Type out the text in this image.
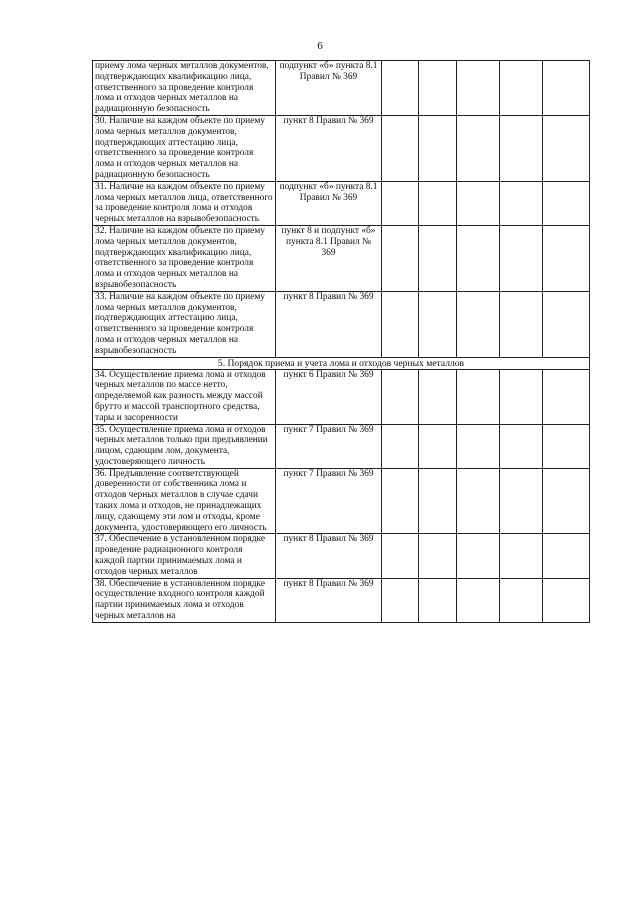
6
приему лома черных металлов документов, подтверждающих квалификацию лица, ответственного за проведение контроля лома и отходов черных металлов на радиационную безопасность	подпункт «б» пункта 8.1 Правил № 369					
30. Наличие на каждом объекте по приему лома черных металлов документов, подтверждающих аттестацию лица, ответственного за проведение контроля лома и отходов черных металлов на радиационную безопасность	пункт 8 Правил № 369					
31. Наличие на каждом объекте по приему лома черных металлов лица, ответственного за проведение контроля лома и отходов черных металлов на взрывобезопасность	подпункт «б» пункта 8.1 Правил № 369					
32. Наличие на каждом объекте по приему лома черных металлов документов, подтверждающих квалификацию лица, ответственного за проведение контроля лома и отходов черных металлов на взрывобезопасность	пункт 8 и подпункт «б» пункта 8.1 Правил № 369					
33. Наличие на каждом объекте по приему лома черных металлов документов, подтверждающих аттестацию лица, ответственного за проведение контроля лома и отходов черных металлов на взрывобезопасность	пункт 8 Правил № 369					
5. Порядок приема и учета лома и отходов черных металлов						
34. Осуществление приема лома и отходов черных металлов по массе нетто, определяемой как разность между массой брутто и массой транспортного средства, тары и засоренности	пункт 6 Правил № 369					
35. Осуществление приема лома и отходов черных металлов только при предъявлении лицом, сдающим лом, документа, удостоверяющего личность	пункт 7 Правил № 369					
36. Предъявление соответствующей доверенности от собственника лома и отходов черных металлов в случае сдачи таких лома и отходов, не принадлежащих лицу, сдающему эти лом и отходы, кроме документа, удостоверяющего его личность	пункт 7 Правил № 369					
37. Обеспечение в установленном порядке проведение радиационного контроля каждой партии принимаемых лома и отходов черных металлов	пункт 8 Правил № 369					
38. Обеспечение в установленном порядке осуществление входного контроля каждой партии принимаемых лома и отходов черных металлов на	пункт 8 Правил № 369					
